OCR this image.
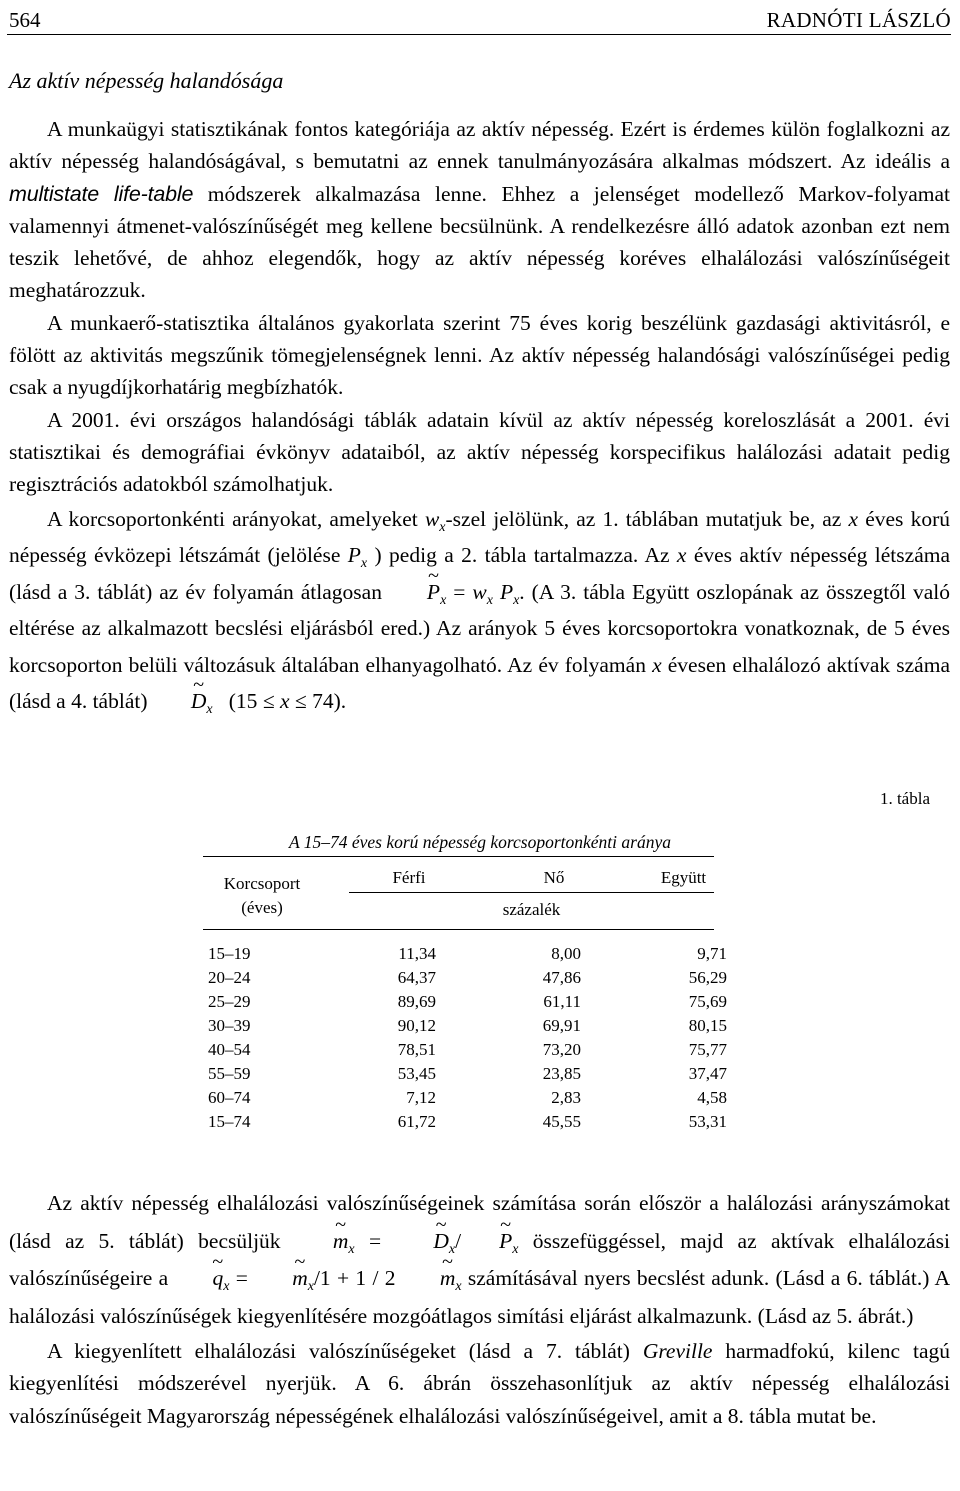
564	RADNÓTI LÁSZLÓ
Az aktív népesség halandósága

A munkaügyi statisztikának fontos kategóriája az aktív népesség. Ezért is érdemes külön foglalkozni az aktív népesség halandóságával, s bemutatni az ennek tanulmányozására alkalmas módszert. Az ideális a multistate life-table módszerek alkalmazása lenne. Ehhez a jelenséget modellező Markov-folyamat valamennyi átmenet-valószínűségét meg kellene becsülnünk. A rendelkezésre álló adatok azonban ezt nem teszik lehetővé, de ahhoz elegendők, hogy az aktív népesség koréves elhalálozási valószínűségeit meghatározzuk.

A munkaerő-statisztika általános gyakorlata szerint 75 éves korig beszélünk gazdasági aktivitásról, e fölött az aktivitás megszűnik tömegjelenségnek lenni. Az aktív népesség halandósági valószínűségei pedig csak a nyugdíjkorhatárig megbízhatók.

A 2001. évi országos halandósági táblák adatain kívül az aktív népesség koreloszlását a 2001. évi statisztikai és demográfiai évkönyv adataiból, az aktív népesség korspecifikus halálozási adatait pedig regisztrációs adatokból számolhatjuk.

A korcsoportonkénti arányokat, amelyeket $w_x$-szel jelölünk, az 1. táblában mutatjuk be, az x éves korú népesség évközepi létszámát (jelölése $P_x$ ) pedig a 2. tábla tartalmazza. Az x éves aktív népesség létszáma (lásd a 3. táblát) az év folyamán átlagosan ~ $P_x = w_x$ $P_x$. (A 3. tábla Együtt oszlopának az összegtől való eltérése az alkalmazott becslési eljárásból ered.) Az arányok 5 éves korcsoportokra vonatkoznak, de 5 éves korcsoporton belüli változásuk általában elhanyagolható. Az év folyamán x évesen elhalálozó aktívak száma (lásd a 4. táblát) ~ $D_x$ (15 ≤ x ≤ 74).

1. tábla
A 15–74 éves korú népesség korcsoportonkénti aránya
Korcsoport
(éves)
Férfi	Nő	Együtt
százalék
15–19	11,34	8,00	9,71
20–24	64,37	47,86	56,29
25–29	89,69	61,11	75,69
30–39	90,12	69,91	80,15
40–54	78,51	73,20	75,77
55–59	53,45	23,85	37,47
60–74	7,12	2,83	4,58
15–74	61,72	45,55	53,31

Az aktív népesség elhalálozási valószínűségeinek számítása során először a halálozási arányszámokat (lásd az 5. táblát) becsüljük ~ $m_x$ = ~ $D_x/\sim$ $P_x$ összefüggéssel, majd az aktívak elhalálozási valószínűségeire a ~ $q_x$ = ~ $m_x/1 + 1 / 2$ ~ $m_x$ számításával nyers becslést adunk. (Lásd a 6. táblát.) A halálozási valószínűségek kiegyenlítésére mozgóátlagos simítási eljárást alkalmazunk. (Lásd az 5. ábrát.)

A kiegyenlített elhalálozási valószínűségeket (lásd a 7. táblát) Greville harmadfokú, kilenc tagú kiegyenlítési módszerével nyerjük. A 6. ábrán összehasonlítjuk az aktív népesség elhalálozási valószínűségeit Magyarország népességének elhalálozási valószínűségeivel, amit a 8. tábla mutat be.
